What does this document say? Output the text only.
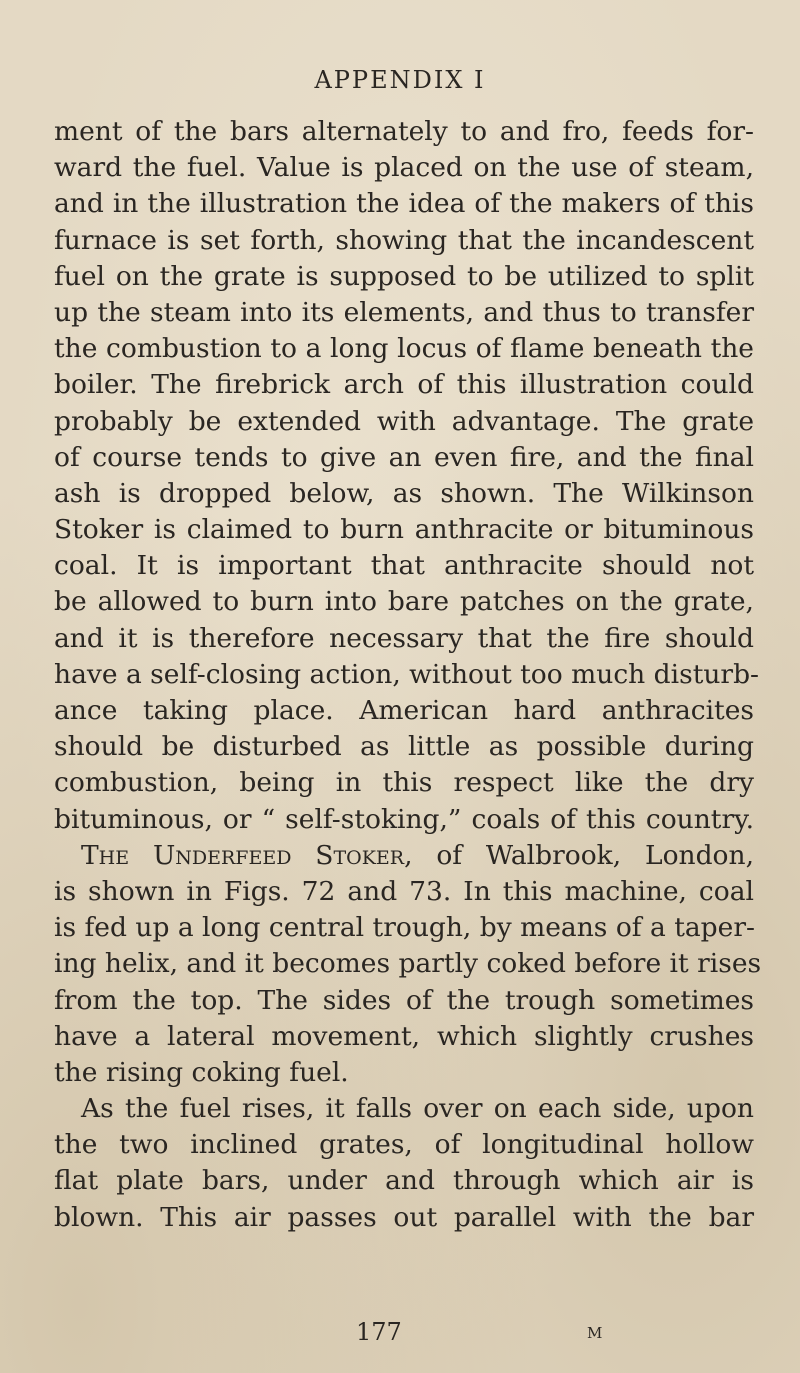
APPENDIX I
ment of the bars alternately to and fro, feeds for-
ward the fuel. Value is placed on the use of steam,
and in the illustration the idea of the makers of this
furnace is set forth, showing that the incandescent
fuel on the grate is supposed to be utilized to split
up the steam into its elements, and thus to transfer
the combustion to a long locus of flame beneath the
boiler. The firebrick arch of this illustration could
probably be extended with advantage. The grate
of course tends to give an even fire, and the final
ash is dropped below, as shown. The Wilkinson
Stoker is claimed to burn anthracite or bituminous
coal. It is important that anthracite should not
be allowed to burn into bare patches on the grate,
and it is therefore necessary that the fire should
have a self-closing action, without too much disturb-
ance taking place. American hard anthracites
should be disturbed as little as possible during
combustion, being in this respect like the dry
bituminous, or “ self-stoking,” coals of this country.
The Underfeed Stoker, of Walbrook, London,
is shown in Figs. 72 and 73. In this machine, coal
is fed up a long central trough, by means of a taper-
ing helix, and it becomes partly coked before it rises
from the top. The sides of the trough sometimes
have a lateral movement, which slightly crushes
the rising coking fuel.
As the fuel rises, it falls over on each side, upon
the two inclined grates, of longitudinal hollow
flat plate bars, under and through which air is
blown. This air passes out parallel with the bar
177	M
